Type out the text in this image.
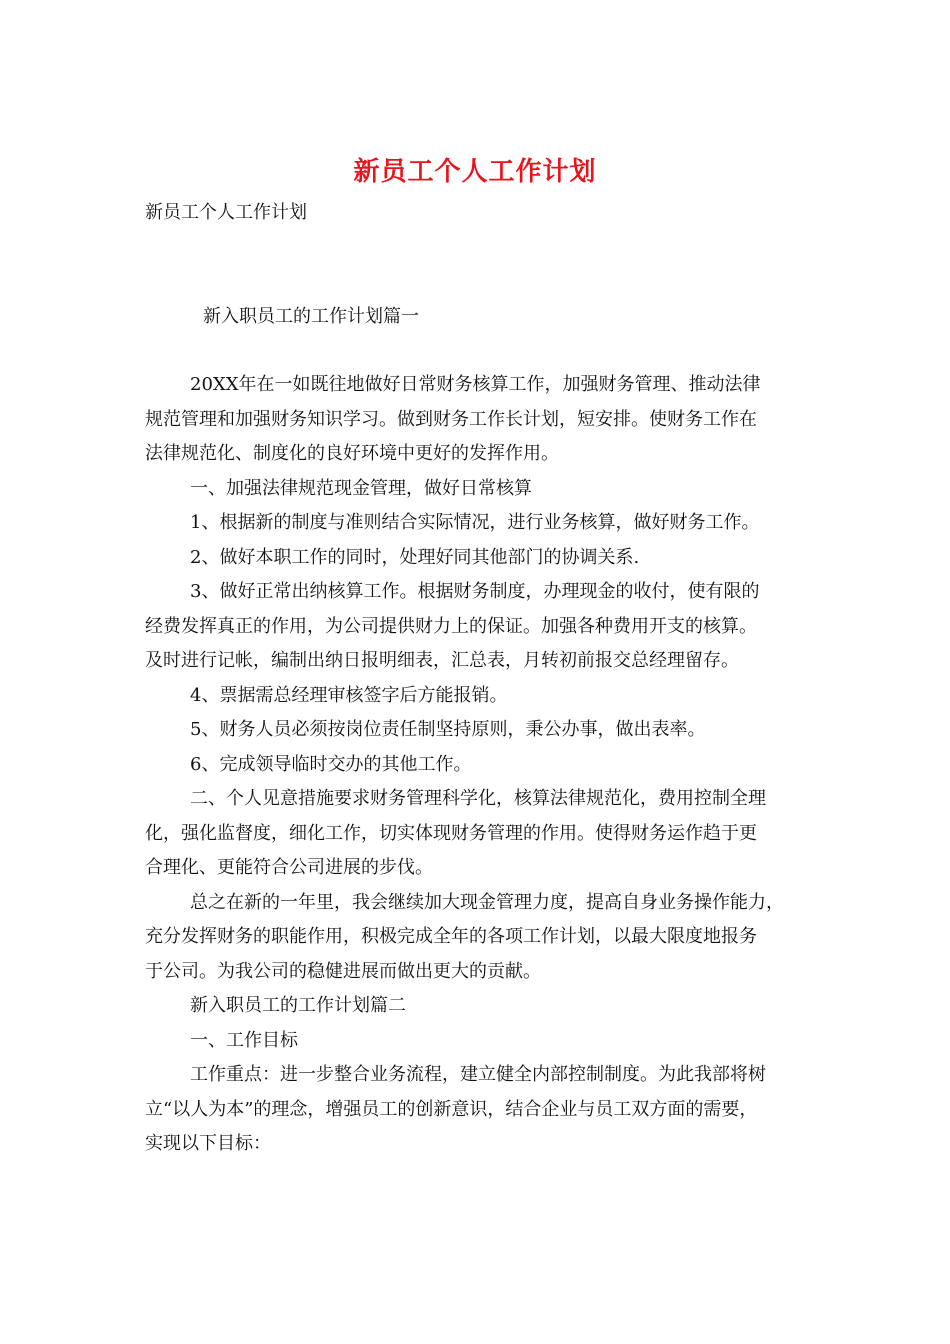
新员工个人工作计划
新员工个人工作计划
新入职员工的工作计划篇一

20XX年在一如既往地做好日常财务核算工作，加强财务管理、推动法律

规范管理和加强财务知识学习。做到财务工作长计划，短安排。使财务工作在

法律规范化、制度化的良好环境中更好的发挥作用。

一、加强法律规范现金管理，做好日常核算

1、根据新的制度与准则结合实际情况，进行业务核算，做好财务工作。

2、做好本职工作的同时，处理好同其他部门的协调关系.

3、做好正常出纳核算工作。根据财务制度，办理现金的收付，使有限的

经费发挥真正的作用，为公司提供财力上的保证。加强各种费用开支的核算。

及时进行记帐，编制出纳日报明细表，汇总表，月转初前报交总经理留存。

4、票据需总经理审核签字后方能报销。

5、财务人员必须按岗位责任制坚持原则，秉公办事，做出表率。

6、完成领导临时交办的其他工作。

二、个人见意措施要求财务管理科学化，核算法律规范化，费用控制全理

化，强化监督度，细化工作，切实体现财务管理的作用。使得财务运作趋于更

合理化、更能符合公司进展的步伐。

总之在新的一年里，我会继续加大现金管理力度，提高自身业务操作能力，

充分发挥财务的职能作用，积极完成全年的各项工作计划，以最大限度地报务

于公司。为我公司的稳健进展而做出更大的贡献。

新入职员工的工作计划篇二

一、工作目标

工作重点：进一步整合业务流程，建立健全内部控制制度。为此我部将树

立“以人为本”的理念，增强员工的创新意识，结合企业与员工双方面的需要，

实现以下目标：
